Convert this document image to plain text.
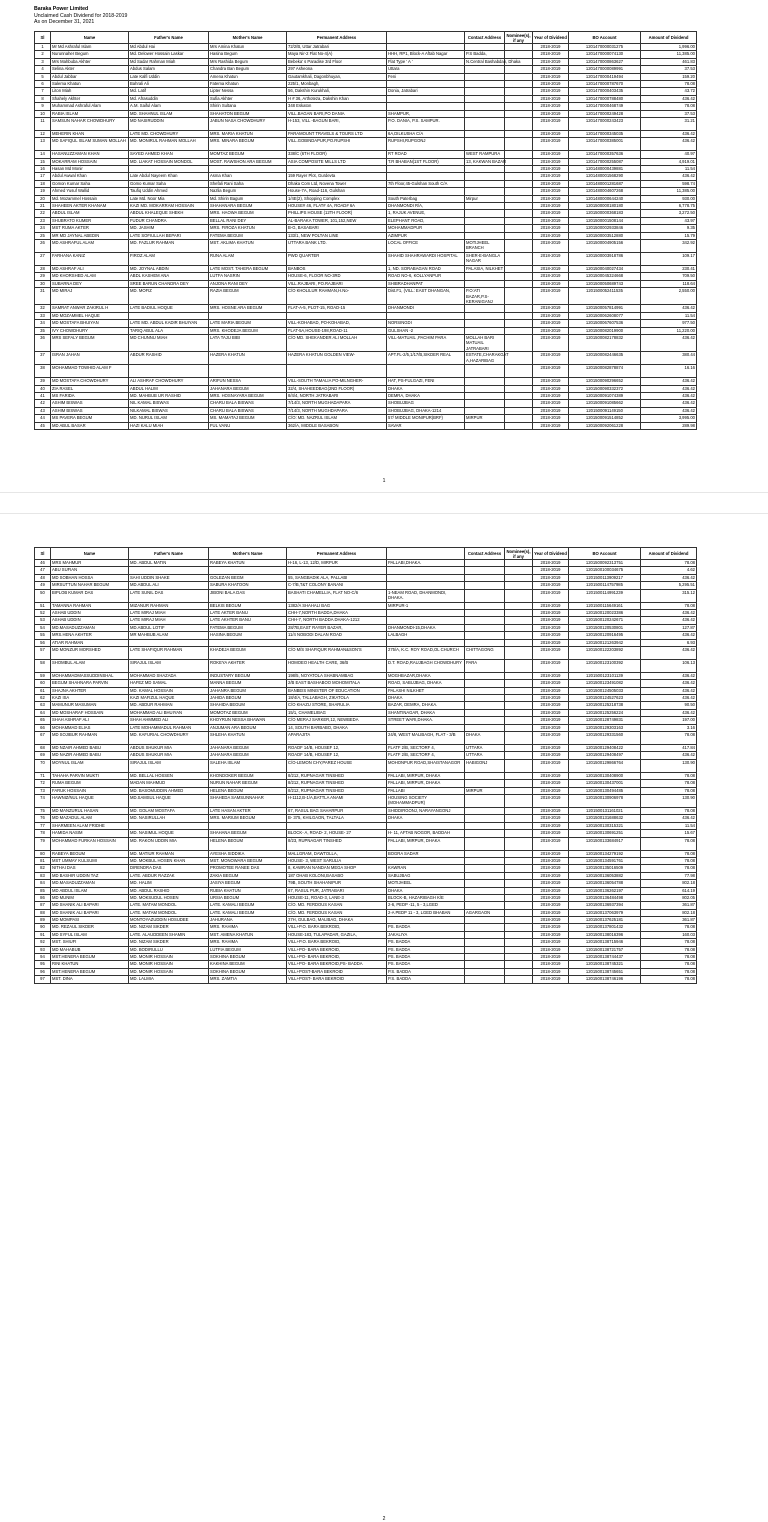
Baraka Power Limited
Unclaimed Cash Dividend for 2018-2019
As on December 31, 2021
Sl	Name	Father's Name	Mother's Name	Permanent Address		Contact Address	Nominee(s), if any	Year of Dividend	BO Account	Amount of Dividend
1	Mr Md Ashraful Islam	Md Abdul Hai	Mrs Amina Khatun	72/2/B, Uttar Jatrabari				2018-2019	1201470000031275	1,996.00
2	Nurunnaher Begum	Md. Delower Hossain Laskar	Hasina Begum	Maya Nir-2 Flat No-4(A)	HHH, RP1, Block-A Aftab Nagar	P.S Badda,		2018-2019	1201470000074130	11,385.00
3	Mrs Mahbuba Akhter	Md Sadar Rahman Miah	Mrs Rashida Begum	Bebeka' s Paradise 3rd Floor	Flat Type ' A '	N.Central Bashabdan, Dhaka		2018-2019	1201470000863627	461.83
4	Selina Akter	Abdus Salam	Chandra Ban Begum	297 Asheona	Uttara			2018-2019	1201470000089991	37.53
5	Abdul Jabbar	Late Kalfi Uddin	Amena Khatun	Gautamkhali, Dagonbhuyan,	Feni			2018-2019	1201470000419494	159.20
6	Salema Khatun	Bahrali Ali	Fatema Khatun	225/1, Monbagh,				2018-2019	1201470000787670	78.08
7	Liton Miah	Md. Latif	Lipter Nessa	56, Dakshin Kurukhali,	Donia, Jatrabari			2018-2019	1201470000403435	43.72
8	Shahely Akhter	Md. Afrasuddin	Sufia Akhter	H # 36, Arthoteza, Dakshin Khan				2018-2019	1201470000788480	436.42
9	Muhammad Ashraful Alam	A.M. Saiful Alam	Shirin Sultana	348 Eskaton				2018-2019	1201470000468749	78.08
10	RABIA ISLAM	MD. SHAHNUL ISLAM	SHAHATON BEGUM	VILL.BAGAN BARI,PO DANIA	SHAMPUR,			2018-2019	1201470000249428	37.53
11	SAMSUN NAHAR CHOWDHURY	MD NASIRUDDIN	JABUN NASA CHOWDHURY	H-153, VILL -BAGUN BARI,	P.O. DANIA, P.S. SAMPUR.			2018-2019	1201470000243423	31.21
12	MEHERIN KHAN	LATE MD. CHOWDHURY	MRS. MARIA KHATUN	PARAMOUNT TRAVELS & TOURS LTD	6A,DILKUSHA C/A			2018-2019	1201470000345035	436.42
13	MD SAFIQUL ISLAM SUMAN MOLLAH	MD. MONIRUL RAHMAN MOLLAH	MRS. MINARA BEGUM	VILL.GOBINDAPUR,PO.RUPSHI	RUPSHI,RUPGONJ			2018-2019	1201470000385001	436.42
14	HASANUZZAMAN KHAN	SAYED AHMED KHAN	MOMTAZ BEGUM	338/C (6TH FLOOR)	RT ROAD	WEST RAMPURA		2018-2019	1201470000357636	40.97
15	MOKARRAM HOSSAIN	MD. LIAKAT HOSSAIN MONDOL	MOST. RAWSHON ARA BEGUM	ASIA COMPOSITE MILLS LTD	T.R BHABAN(1ST FLOOR)	13, KAKWAN BAZAR		2018-2019	1201470000255087	4,919.01
16	Hasan Md Monir							2018-2019	1201480000439881	11.54
17	Abdul Awwal Khan	Late Abdul Nayeem Khan	Asma Khan	159 Rayer Plot, Gurdevta				2018-2019	1201480001568290	436.42
18	Gomon Kumar Saha	Gomo Kumar Saha	Shefali Rani Saha	Dhaka Com Ltd, Novena Tower	7th Floor,45-Gulshan South C/A			2018-2019	1201480001281687	598.74
19	Ahmed Yusuf Wallid	Taufiq Uddin Ahmed	Nazlia Begum	House-7A, Road-116, Gulshan				2018-2019	1201480004607268	11,385.00
20	Md. Mozammel Hossain	Late Md. Noor Mia	Md. Shirin Bagum	1/4E(2), Shopping Complex	South Paterbag	Mirpur		2018-2019	1201480000644240	930.00
21	SHAHEEN AKTER KHANAM	KAZI MD. MOKARRAM HOSSAIN	SHAHANARA BEGUM	HOUSE# 46, FLAT# 4A, ROAD# 6A	DHANMONDI R/A,			2018-2019	1201500000180180	6,778.75
22	ABDUL ISLAM	ABDUL KHALEQUE SHEKH	MRS. HAOWA BEGUM	PHILLIPS HOUSE (12TH FLOOR)	1, RAJUK AVENUE,			2018-2019	1201500000368183	3,272.50
23	SHUBRATO KUMER	FUDUR CHANDRA	BELLAL RANI DEY	AL-BARAKA TOWER, 101,152,NEW	ELEPHANT ROAD,			2018-2019	1201500001508144	43.97
24	MST RUMA AKTER	MD. JASHIM	MRS. FIROZA KHATUN	B-G, BASABARI	MOHAMMADPUR			2018-2019	1201500002933846	9.35
25	MR MD JAYNAL ABEDIN	LATE SOFIULLAH BEPARI	FATEMA BEGUM	133/1, NEW POLTAN LINE	AZIMPUR			2018-2019	1201500003512880	15.79
26	MD ASHRAFUL ALAM	MD. FAZLUR RAHMAN	MST. AKLIMA KHATUN	UTTARA BANK LTD.	LOCAL OFFICE	MOTIJHEEL BRANCH		2018-2019	1201500004905156	342.92
27	FARHANA KANIZ	FIROZ ALAM	RUNA ALAM	PWD QUARTER	SHAHID SHAHRAWARDI HOSPITAL	SHER-E-BANGLA NAGAR		2018-2019	1201500003918786	109.17
28	MD ASHRAF ALI	MD. JOYNAL ABDIN	LATE MOST. TAHERA BEGUM	BANBOS	1, ND. SORABAGAN ROAD	PALASIA, NILKHET		2018-2019	1201500040027434	230.41
29	MD KHORSHED ALAM	ABDL KASHEM ANA	LUTFA NASRIN	HOUSE-6, FLOOR NO-3RD	ROAD NO-6, KOLLYANPUR			2018-2019	1201500045324668	709.50
30	SUBARNA DEY	SREE BARUN CHANDRA DEY	ANJONA RANI DEY	VILL.RAJBARI, PO.RAJBARI	SHIBRADHANPAT			2018-2019	1201500050689743	118.64
31	MD MIRAJ	MD. MOFIZ	RAZIA BEGUM	C/O KHOLILUR RAHMAN,H.No-	Dist.F1, (VILL: EAST DHANGAN,	P.O:ATI BAZAR,P.S-KERANIGANJ		2018-2019	1201500052411535	2,550.00
32	SAMRAT ANWAR ZAKIRUL H	LATE BADIUL HOQUE	MRS. HOSNE ARA BEGUM	FLAT-A-5, PLOT-15, ROAD-15	DHANMONDI			2018-2019	1201500057814991	436.42
33	MD MOZAMMEL HAQUE							2018-2019	1201500062608077	11.54
34	MD MOSTAFA BHUIYAN	LATE MD. ABDUL KADIR BHUIYAN	LATE MARIA BEGUM	VILL-KOHABAD, PO-KOHABAD,	NORSINGDI			2018-2019	1201500067607536	977.50
35	IVY CHOWDHURY	TARIQ ABUL ALA	MRS. KHODEJA BEGUM	FLAT-5A,HOUSE-198,ROAD-11	GULSHAN -2			2018-2019	1201500082019900	11,220.00
36	MRS SEFALY BEGUM	MD CHUNNU MIAH	LATA TAJU BIBI	C/O MD. SHEKANDER ALI MOLLAH	VILL-MATUAIL ,PACHIM PARA	MOLLAH BARI MATUAIL JATRABARI		2018-2019	1201500082178832	436.42
37	ISRAN JAHAN	ABDUR RASHID	HAZERA KHATUN	HAZERA KHATUN GOLDEN VIEW-	APT.FL-2/5,1/17/B,SIKDER REAL	ESTATE,CHARAKGAT A,HAZARIBAG		2018-2019	1201500082446635	380.44
38	MOHAMMAD TOWHID ALAM F							2018-2019	1201500082878874	16.16
39	MD MOSTAFA CHOWDHURY	ALI ASHRAF CHOWDHURY	ARIFUN NESSA	VILL-SOUTH TAMALIA PO-MILNGHER-	HAT, PS-FULGAZI, FENI			2018-2019	1201500090296652	436.42
40	ZIA RASEL	ABDUL HALIM	JAHANARA BEGUM	32/4, SHAHEEDBAG(2ND FLOOR)	DHAKA			2018-2019	1201500090332372	436.42
41	MS FARIDA	MD. MAHBUB UR RASHID	MRS. HOSNAYARA BEGUM	8/4/4, NORTH JATRABARI	DEMRA, DHAKA			2018-2019	1201500091074389	436.42
42	ASHIM BISWAS	NIL KAMAL BISWAS	CHARU BALA BISWAS	7/14/3, NORTH MUGHADAPARA	SHOBUJBAG			2018-2019	1201500091085662	436.42
43	ASHIM BISWAS	NILKAMAL BISWAS	CHARU BALA BISWAS	7/14/3, NORTH MUGHDAPARA	SHOBUJBAG, DHAKA-1214			2018-2019	1201500091149150	436.42
44	MS PAVERA BEGUM	MD. NURUL ISLAM	MS. MAMATAJ BEGUM	C/O: MD. NAZRUL ISLAM	57/ MIDDLE MONIPUR(BRF)	MIRPUR		2018-2019	1201500091514852	3,995.00
45	MD ABUL BASAR	HAZI KALU MIAH	FUL VANU	362/A, MIDDLE BASABON	SAVAR			2018-2019	1201500092061228	289.98
1
Sl	Name	Father's Name	Mother's Name	Permanent Address		Contact Address	Nominee(s), if any	Year of Dividend	BO Account	Amount of Dividend
46	MRS MAHMUR	MD. ABDUL MATIN	RABEYA KHATUN	H-16, L-13, 12/D, MIRPUR	PALLABI,DHAKA.			2018-2019	1201500092313751	78.08
47	ABU SUFIAN							2018-2019	1201500100034675	4.62
48	MD SOBHAN HOSSA	SAHI UDDIN SHAKE	GOLEZAN BEGM	55, SANGBADIK ALA, PALLABI				2018-2019	1201500113909217	436.42
49	MIRSUTTUN NAHAR BEGUM	MD.ABDUL ALI	SABURA KHATOON	C-7/B,T&T COLONY BANANI				2018-2019	1201500114757985	5,295.51
50	BIPLOB KUMAR DAS	LATE SUNIL DAS	JIBONI BALA DAS	BASHATI CHAMELLIA, FLAT NO-C/6	1-NEAM ROAD, DHANMONDI, DHAKA.			2018-2019	1201500114991239	315.12
51	TAMANNA RAHMAN	MIZANUR RAHMAN	BELKIS BEGUM	1382/A SHAHALI BAG	MIRPUR-1			2018-2019	1201500115649161	78.08
52	ASHAB UDDIN	LATE MIRAJ MIAH	LATE AKTER BANU	CHH-7,NORTH BADDA,DHAKA				2018-2019	1201500120023386	436.42
53	ASHAB UDDIN	LATE MIRAJ MIAH	LATE AKHTER BANU	CHH-7, NORTH BADDA DHAKA-1212				2018-2019	1201500120242671	436.42
54	MD.MASADUZZAMAN	MD.ABDUL LOTIF	FATEMA BEGUM	28/7B,EAST RAYER BAZAR,	DHANMONDI-15,DHAKA			2018-2019	1201500120530801	127.87
55	MRS.HENA AKHTER	MR MAHBUB ALAM	HASINA BEGUM	11/4 NOBODI DALAN ROAD	LALBAGH			2018-2019	1201500120916495	436.42
56	ATIAR RAHMAN							2018-2019	1201500121263942	6.93
57	MD MONZUR MORSHED	LATE SHAFIQUR RAHMAN	KHADEJA BEGUM	C/O M/S SHAFIQUR RAHMAN&SON'S	275/A, K.C. ROY ROAD,OL CHURCH	CHITTAGONG		2018-2019	1201500122203892	436.42
58	SHOMBUL ALAM	SIRAJUL ISLAM	ROKEYA AKHTER	HOMOEO HEALTH CARE, 36/B	D.T. ROAD,RAUJBAGH CHOWDHURY	PARA		2018-2019	1201500123100392	106.13
59	MOHAMMADMASSUDDINSHAL	MOHAMMAD SHAZADA	INDUSTARY BEGUM	198/5, NOYATOLA SHABNAMBAG	MOGHBAZAR,DHAKA			2018-2019	1201500123101139	436.42
60	BEGUM SHAHNARA PARVIN	HAFEZ MD SAMAL	MANNA BEGUM	2/B EAST BASHABOO MOHOMITALA	ROAD, SABUJBAG, DHAKA			2018-2019	1201500123491082	436.42
61	SHAJNA AKHTER	MD. KAMAL HOSSAIN	JAHANRA BEGUM	BANBEIS MINISTER OF EDUCATION	PALASHI NILKHET			2018-2019	1201500124505033	436.42
62	KAZI ISA	KAZI MAFIZUL HAQUE	JAHIDA BEGUM	18/4/A, TALLABAGH, ZIKATOLA	DHAKA			2018-2019	1201500124527623	436.42
63	MAMUNUR MASUMAN	MD. ABDUR RAHMAN	SHAHIDA BEGUM	C/O KHAZU STORE, SHARULIA	BAZAR, DEMRA, DHAKA.			2018-2019	1201500125218738	90.50
64	MD MOSHARAF HOSSAIN	MOHAMMAD ALI BHUIYAN	MOMOTAZ BEGUM	15/1, CHAMELIBAG	SHANTINAGAR, DHAKA			2018-2019	1201500125256224	436.42
65	SHAH ASHRAF ALI	SHAH AHMMED ALI	KHOYRUN NESSA BHAWAN	C/O MERAJ SARKER,12, NEWBEDA	STREET WARI,DHAKA.			2018-2019	1201500128749831	197.00
66	MOHAMMAD ELIAS	LATE MOHAMMADUL RAHMAN	ANJUMAN ARA BEGUM	14, SOUTH BARBABO, DHAKA				2018-2019	1201500129303163	3.16
67	MD SOJIBUR RAHMAN	MD. KAFURIAL CHOWDHURY	SHLEHA KHATUN	APARAJITA	24/8, WEST MALIBAGH, FLAT - 3/B	DHAKA		2018-2019	1201500129331560	78.08
68	MD NZAIR AHMED BABU	ABDUS SHUKUR MIA	JAHANARA BEGUM	ROADF 14/B, HOUSEF 12,	FLATF 2/B, SECTORF 4,	UTTARA		2018-2019	1201500129408422	417.84
69	MD NAZIR AHMED BABU	ABDUS SHUKUR MIA	JAHANARA BEGUM	ROADF 14/B, HOUSEF 12,	FLATF 2/B, SECTORF 4,	UTTARA		2018-2019	1201500129408497	436.42
70	MOYNUL ISLAM	SIRAJUL ISLAM	SALEHA ISLAM	C/O-LEMON CHY,PAREZ HOUSE	MOHONPUR ROAD,SHAISTANAGOR	HABIGONJ		2018-2019	1201500129866764	130.90
71	TAHAHA PARVIN MUKTI	MD. BELLAL HOSSEN	KHONDOKER BEGUM	8/212, RUPNAGAR TINSHED	PALLABI, MIRPUR, DHAKA			2018-2019	1201500130408900	78.08
72	RUMA BEGUM	MADAN MAHMUD	NURUN NAHAR BEGUM	8/212, RUPNAGAR TINSHED	PALLABI, MIRPUR, DHAKA			2018-2019	1201500130437001	78.08
73	FARUK HOSSAIN	MD. BASOMUDDIN AHMED	HELENA BEGUM	8/212, RUPNAGAR TINSHED	PALLABI	MIRPUR		2018-2019	1201500130494485	78.08
74	HAWNIZ/NUL HAQUE	MD.SAMSUL HAQUE	SHAHEDA SAMSUNNAHAR	H-1112,B-1/A,BATTLA ANAMI	HOUSING SOCIETY (MOHAMMADPUR)			2018-2019	1201500130906978	130.90
75	MD MANZURUL HASAN	MD. GOLAM MOSTAFA	LATE HASAN AKTER	67, RASUL BAG SAHARPUR	SHIDDIRGONJ, NARAYANGONJ			2018-2019	1201500131161021	78.08
76	MD MAZADUL ALAM	MD. NASIRULLAH	MRS. MARIUM BEGUM	B- 375, KHILGAON, TALTALA	DHAKA			2018-2019	1201500131688632	436.42
77	SHARMEEN ALAM FRIDHE							2018-2019	1201500130315321	11.54
78	HAMIDA NASIM	MD. NASIMUL HOQUE	SHAHANA BEGUM	BLOCK- A, ROAD- 2, HOUSE- 27	H- 11, AFTAB NOGOR, BADDAH			2018-2019	1201500130691251	15.67
79	MOHAMMAD FURKAN HOSSAIN	MD. RAKON UDDIN MIA	HELENA BEGUM	8/23, RUPNAGAR TINSHED	PALLABI, MIRPUR, DHAKA			2018-2019	1201500133684917	78.08
80	RABEYA BEGUM	MD. MATIUR RAHMAN	AYESHA SIDDIKA	MALLGRAM, DAWTOLLA,	BOGRA SADAR			2018-2019	1201500134279192	78.08
81	MST UMMAY KULSUMI	MD. MOKBUL HOSEN KHAN	MST. MONOWARA BEGUM	HOUSE- 3, WEST SARULIA				2018-2019	1201500134591761	78.08
82	NITHAI DAS	DIRENDRA DAS	PROMOTEE RANEE DAS	8, KAWRAN NANDAN MEGA SHOP	KAWRAN			2018-2019	1201500135016509	78.08
83	MD BASHIR UDDIN TAZ	LATE. ABDUR RAZZAK	ZAKIA BEGUM	187 OHAB KOLONI,BASABO	SABUJBAG			2018-2019	1201500136053882	77.98
84	MD.MASADUZZAMAN	MD. HALIM	JASIYA BEGUM	79B, SOUTH SHAHANIPUR	MOTIJHEEL			2018-2019	1201500136054788	802.18
85	MD ABDUL ISLAM	MD. ABDUL RASHID	RUBIA KHATUN	67, RASUL PUR, JATRABARI	DHAKA			2018-2019	1201500136262197	614.19
86	MD MUNIM	MD. MOKSUDUL HOSEN	URSIA BEGUM	HOUSE-11, ROAD-3, LANE-3	BLOCK-B, HAZARIBAGH K/E			2018-2019	1201500136484498	802.05
87	MD SHANIK ALI BAPARI	LATE. MATAM MONDOL	LATE. KAMALI BEGUM	C/O. MD. FERDOUS KASAN	2-6, PEDP -11, 5 - 3,LGED			2018-2019	1201500136937394	361.87
88	MD SHANIK ALI BAPARI	LATE. MATAM MONDOL	LATE. KAMALI BEGUM	C/O. MD. FERDOUS KASAN	2-A PEDP 11 - 3, LGED BHABAN	AGARGAON		2018-2019	1201500137063979	802.18
89	MD MOMPASI	MONTOYAZUDDIN HOSUDEE	JAHURANA	27H, GULBAG, MALIBAG, DHAKA				2018-2019	1201500137625181	361.87
90	MD. REZAUL SIKDER	MD. NIZAM SIKDER	MRS. RAHIMA	VILL+P.O. BARA BEKROID,	PS. BADDA			2018-2019	1201500137801432	78.08
91	MD SYFUL ISLAM	LATE. ALAUDDEEN SHAMIN	MST. AMENA KHATUN	HOUSE-183, TULAPADAR, GAZILA,	JAKALIYA			2018-2019	1201500138016396	160.03
92	MST. SHIUFI	MD. NIZAM SIKDER	MRS. RAHIMA	VILL+P.O. BARA BEKROID,	PS. BADDA			2018-2019	1201500138715946	78.08
93	MD MAHABUB	MD. BODIRULLU	LUTFIA BEGUM	VILL+PO- BARA BEKROID,	PS. BADDA			2018-2019	1201500138721757	78.08
94	MST.HENERA BEGUM	MD. MONIR HOSSAIN	SOKHINA BEGUM	VILL+PO- BARA BEKROID,	PS. BADDA			2018-2019	1201500138744437	78.08
95	RINI KHATUN	MD. MONIR HOSSAIN	KAKHINA BEGUM	VILL+PO- BARA BEKROID,PS- BADDA	PS. BADDA			2018-2019	1201500138745321	78.08
96	MST.HENERA BEGUM	MD. MONIR HOSSAIN	SOKHINA BEGUM	VILL+POST-BARA BEKROID	P.S. BADDA			2018-2019	1201500138745651	78.08
97	MST. DINA	MD. LALMIA	MRS. ZAMTIA	VILL+POST- BARA BEKROID	P.S. BADDA			2018-2019	1201500138746196	78.08
2
